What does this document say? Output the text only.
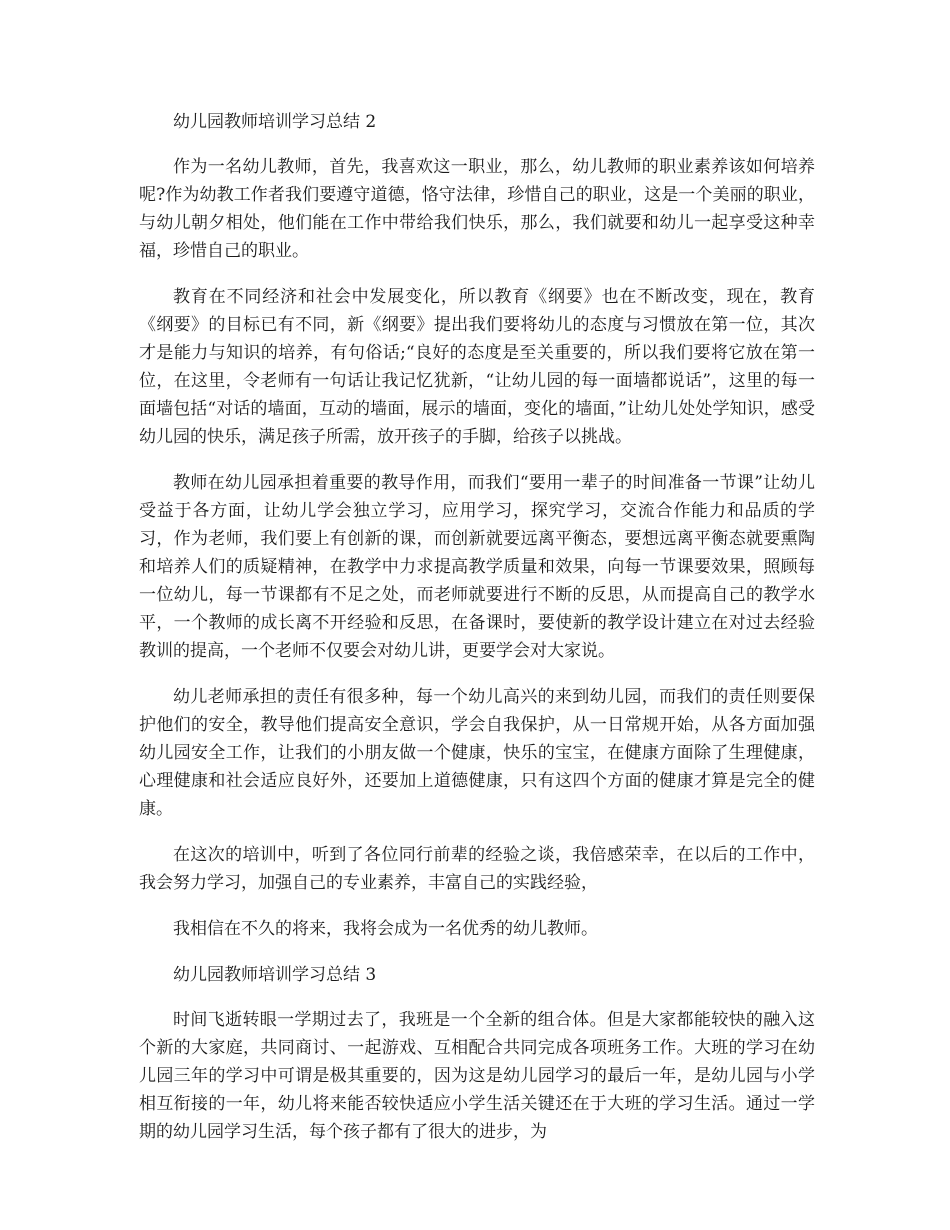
幼儿园教师培训学习总结 2

作为一名幼儿教师，首先，我喜欢这一职业，那么，幼儿教师的职业素养该如何培养呢?作为幼教工作者我们要遵守道德，恪守法律，珍惜自己的职业，这是一个美丽的职业，与幼儿朝夕相处，他们能在工作中带给我们快乐，那么，我们就要和幼儿一起享受这种幸福，珍惜自己的职业。

教育在不同经济和社会中发展变化，所以教育《纲要》也在不断改变，现在，教育《纲要》的目标已有不同，新《纲要》提出我们要将幼儿的态度与习惯放在第一位，其次才是能力与知识的培养，有句俗话;“良好的态度是至关重要的，所以我们要将它放在第一位，在这里，令老师有一句话让我记忆犹新，“让幼儿园的每一面墙都说话”，这里的每一面墙包括“对话的墙面，互动的墙面，展示的墙面，变化的墙面，”让幼儿处处学知识，感受幼儿园的快乐，满足孩子所需，放开孩子的手脚，给孩子以挑战。

教师在幼儿园承担着重要的教导作用，而我们“要用一辈子的时间准备一节课”让幼儿受益于各方面，让幼儿学会独立学习，应用学习，探究学习，交流合作能力和品质的学习，作为老师，我们要上有创新的课，而创新就要远离平衡态，要想远离平衡态就要熏陶和培养人们的质疑精神，在教学中力求提高教学质量和效果，向每一节课要效果，照顾每一位幼儿，每一节课都有不足之处，而老师就要进行不断的反思，从而提高自己的教学水平，一个教师的成长离不开经验和反思，在备课时，要使新的教学设计建立在对过去经验教训的提高，一个老师不仅要会对幼儿讲，更要学会对大家说。

幼儿老师承担的责任有很多种，每一个幼儿高兴的来到幼儿园，而我们的责任则要保护他们的安全，教导他们提高安全意识，学会自我保护，从一日常规开始，从各方面加强幼儿园安全工作，让我们的小朋友做一个健康，快乐的宝宝，在健康方面除了生理健康，心理健康和社会适应良好外，还要加上道德健康，只有这四个方面的健康才算是完全的健康。

在这次的培训中，听到了各位同行前辈的经验之谈，我倍感荣幸，在以后的工作中，我会努力学习，加强自己的专业素养，丰富自己的实践经验，

我相信在不久的将来，我将会成为一名优秀的幼儿教师。

幼儿园教师培训学习总结 3

时间飞逝转眼一学期过去了，我班是一个全新的组合体。但是大家都能较快的融入这个新的大家庭，共同商讨、一起游戏、互相配合共同完成各项班务工作。大班的学习在幼儿园三年的学习中可谓是极其重要的，因为这是幼儿园学习的最后一年，是幼儿园与小学相互衔接的一年，幼儿将来能否较快适应小学生活关键还在于大班的学习生活。通过一学期的幼儿园学习生活，每个孩子都有了很大的进步，为
